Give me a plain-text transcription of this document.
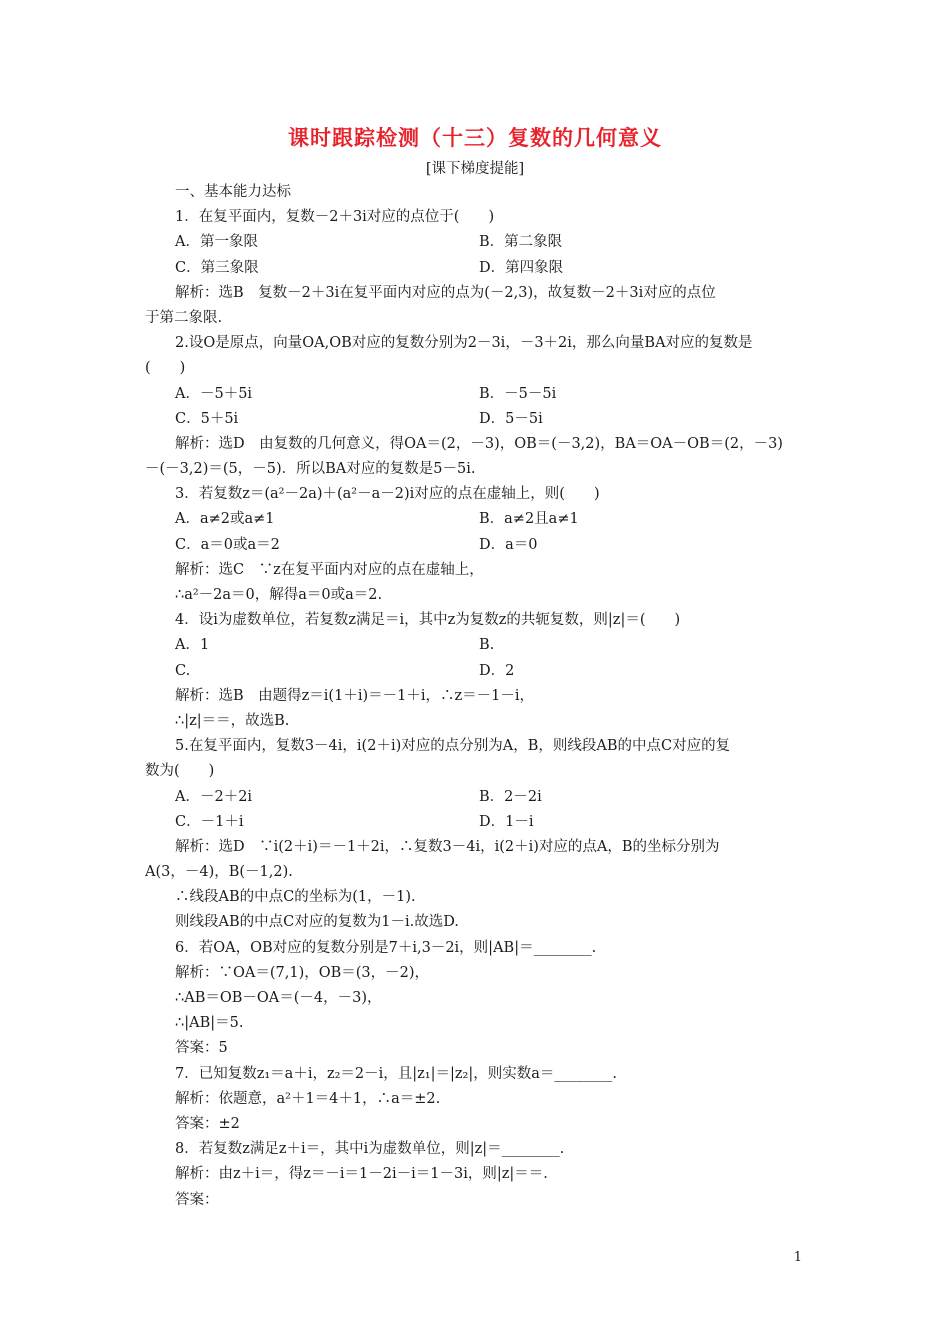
课时跟踪检测（十三）复数的几何意义
[课下梯度提能]
一、基本能力达标
1．在复平面内，复数－2＋3i对应的点位于(　　)
A．第一象限	B．第二象限
C．第三象限	D．第四象限
解析：选B　复数－2＋3i在复平面内对应的点为(－2,3)，故复数－2＋3i对应的点位
于第二象限.
2.设O是原点，向量OA,OB对应的复数分别为2－3i，－3＋2i，那么向量BA对应的复数是
(　　)
A．－5＋5i	B．－5－5i
C．5＋5i	D．5－5i
解析：选D　由复数的几何意义，得OA＝(2，－3)，OB＝(－3,2)，BA＝OA－OB＝(2，－3)
－(－3,2)＝(5，－5)．所以BA对应的复数是5－5i.
3．若复数z＝(a²－2a)＋(a²－a－2)i对应的点在虚轴上，则(　　)
A．a≠2或a≠1	B．a≠2且a≠1
C．a＝0或a＝2	D．a＝0
解析：选C　∵z在复平面内对应的点在虚轴上，
∴a²－2a＝0，解得a＝0或a＝2.
4．设i为虚数单位，若复数z满足＝i，其中z为复数z的共轭复数，则|z|＝(　　)
A．1	B.
C.	D．2
解析：选B　由题得z＝i(1＋i)＝－1＋i，∴z＝－1－i，
∴|z|＝＝，故选B.
5.在复平面内，复数3－4i，i(2＋i)对应的点分别为A，B，则线段AB的中点C对应的复
数为(　　)
A．－2＋2i	B．2－2i
C．－1＋i	D．1－i
解析：选D　∵i(2＋i)＝－1＋2i，∴复数3－4i，i(2＋i)对应的点A，B的坐标分别为
A(3，－4)，B(－1,2).
∴线段AB的中点C的坐标为(1，－1).
则线段AB的中点C对应的复数为1－i.故选D.
6．若OA，OB对应的复数分别是7＋i,3－2i，则|AB|＝________.
解析：∵OA＝(7,1)，OB＝(3，－2)，
∴AB＝OB－OA＝(－4，－3)，
∴|AB|＝5.
答案：5
7．已知复数z₁＝a＋i，z₂＝2－i，且|z₁|＝|z₂|，则实数a＝________.
解析：依题意，a²＋1＝4＋1，∴a＝±2.
答案：±2
8．若复数z满足z＋i＝，其中i为虚数单位，则|z|＝________.
解析：由z＋i＝，得z＝－i＝1－2i－i＝1－3i，则|z|＝＝.
答案：
1
